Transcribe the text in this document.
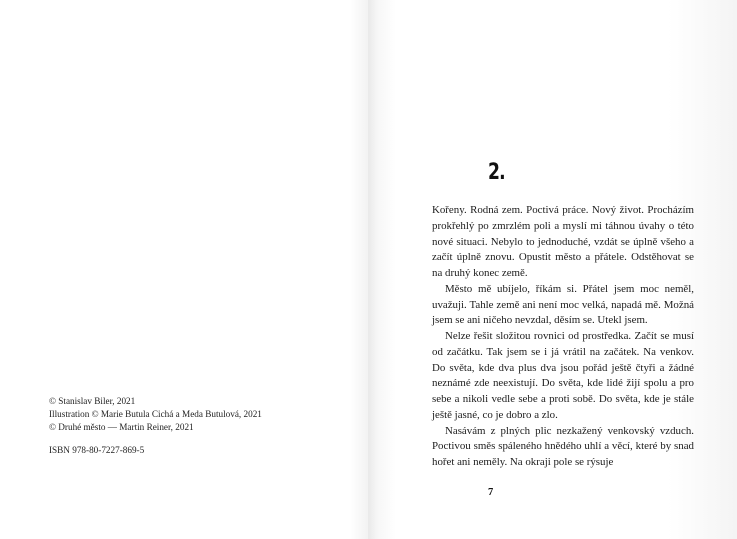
© Stanislav Biler, 2021
Illustration © Marie Butula Cichá a Meda Butulová, 2021
© Druhé město — Martin Reiner, 2021
ISBN 978-80-7227-869-5
2.

Kořeny. Rodná zem. Poctivá práce. Nový život. Procházím prokřehlý po zmrzlém poli a myslí mi táhnou úvahy o této nové situaci. Nebylo to jednoduché, vzdát se úplně všeho a začít úplně znovu. Opustit město a přátele. Odstěhovat se na druhý konec země.

Město mě ubíjelo, říkám si. Přátel jsem moc neměl, uvažuji. Tahle země ani není moc velká, napadá mě. Možná jsem se ani ničeho nevzdal, děsím se. Utekl jsem.

Nelze řešit složitou rovnici od prostředka. Začít se musí od začátku. Tak jsem se i já vrátil na začátek. Na venkov. Do světa, kde dva plus dva jsou pořád ještě čtyři a žádné neznámé zde neexistují. Do světa, kde lidé žijí spolu a pro sebe a nikoli vedle sebe a proti sobě. Do světa, kde je stále ještě jasné, co je dobro a zlo.

Nasávám z plných plic nezkažený venkovský vzduch. Poctivou směs spáleného hnědého uhlí a věcí, které by snad hořet ani neměly. Na okraji pole se rýsuje

7
